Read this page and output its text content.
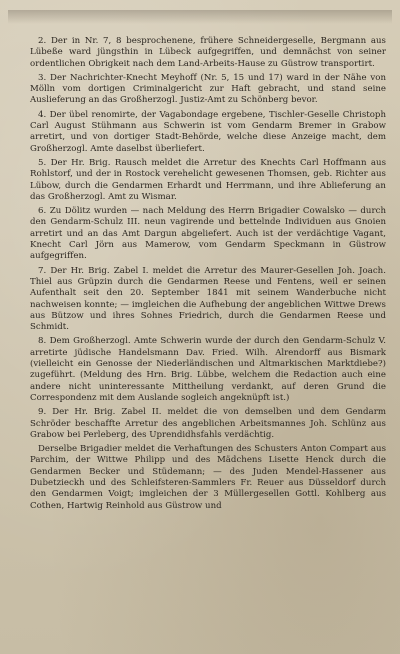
2. Der in Nr. 7, 8 besprochenene, frühere Schneidergeselle, Bergmann aus Lübeße ward jüngsthin in Lübeck aufgegriffen, und demnächst von seiner ordentlichen Obrigkeit nach dem Land-Arbeits-Hause zu Güstrow transportirt.

3. Der Nachrichter-Knecht Meyhoff (Nr. 5, 15 und 17) ward in der Nähe von Mölln vom dortigen Criminalgericht zur Haft gebracht, und stand seine Auslieferung an das Großherzogl. Justiz-Amt zu Schönberg bevor.

4. Der übel renomirte, der Vagabondage ergebene, Tischler-Geselle Christoph Carl August Stühmann aus Schwerin ist vom Gendarm Bremer in Grabow arretirt, und von dortiger Stadt-Behörde, welche diese Anzeige macht, dem Großherzogl. Amte daselbst überliefert.

5. Der Hr. Brig. Rausch meldet die Arretur des Knechts Carl Hoffmann aus Rohlstorf, und der in Rostock verehelicht gewesenen Thomsen, geb. Richter aus Lübow, durch die Gendarmen Erhardt und Herrmann, und ihre Ablieferung an das Großherzogl. Amt zu Wismar.

6. Zu Dölitz wurden — nach Meldung des Herrn Brigadier Cowalsko — durch den Gendarm-Schulz III. neun vagirende und bettelnde Individuen aus Gnoien arretirt und an das Amt Dargun abgeliefert. Auch ist der verdächtige Vagant, Knecht Carl Jörn aus Mamerow, vom Gendarm Speckmann in Güstrow aufgegriffen.

7. Der Hr. Brig. Zabel I. meldet die Arretur des Maurer-Gesellen Joh. Joach. Thiel aus Grüpzin durch die Gendarmen Reese und Fentens, weil er seinen Aufenthalt seit den 20. September 1841 mit seinem Wanderbuche nicht nachweisen konnte; — imgleichen die Aufhebung der angeblichen Wittwe Drews aus Bützow und ihres Sohnes Friedrich, durch die Gendarmen Reese und Schmidt.

8. Dem Großherzogl. Amte Schwerin wurde der durch den Gendarm-Schulz V. arretirte jüdische Handelsmann Dav. Fried. Wilh. Alrendorff aus Bismark (vielleicht ein Genosse der Niederländischen und Altmarkischen Marktdiebe?) zugeführt. (Meldung des Hrn. Brig. Lübbe, welchem die Redaction auch eine andere nicht uninteressante Mittheilung verdankt, auf deren Grund die Correspondenz mit dem Auslande sogleich angeknüpft ist.)

9. Der Hr. Brig. Zabel II. meldet die von demselben und dem Gendarm Schröder beschaffte Arretur des angeblichen Arbeitsmannes Joh. Schlünz aus Grabow bei Perleberg, des Uprendidhsfahls verdächtig.

Derselbe Brigadier meldet die Verhaftungen des Schusters Anton Compart aus Parchim, der Wittwe Philipp und des Mädchens Lisette Henck durch die Gendarmen Becker und Stüdemann; — des Juden Mendel-Hassener aus Dubetzieckh und des Schleifsteren-Sammlers Fr. Reuer aus Düsseldorf durch den Gendarmen Voigt; imgleichen der 3 Müllergesellen Gottl. Kohlberg aus Cothen, Hartwig Reinhold aus Güstrow und
